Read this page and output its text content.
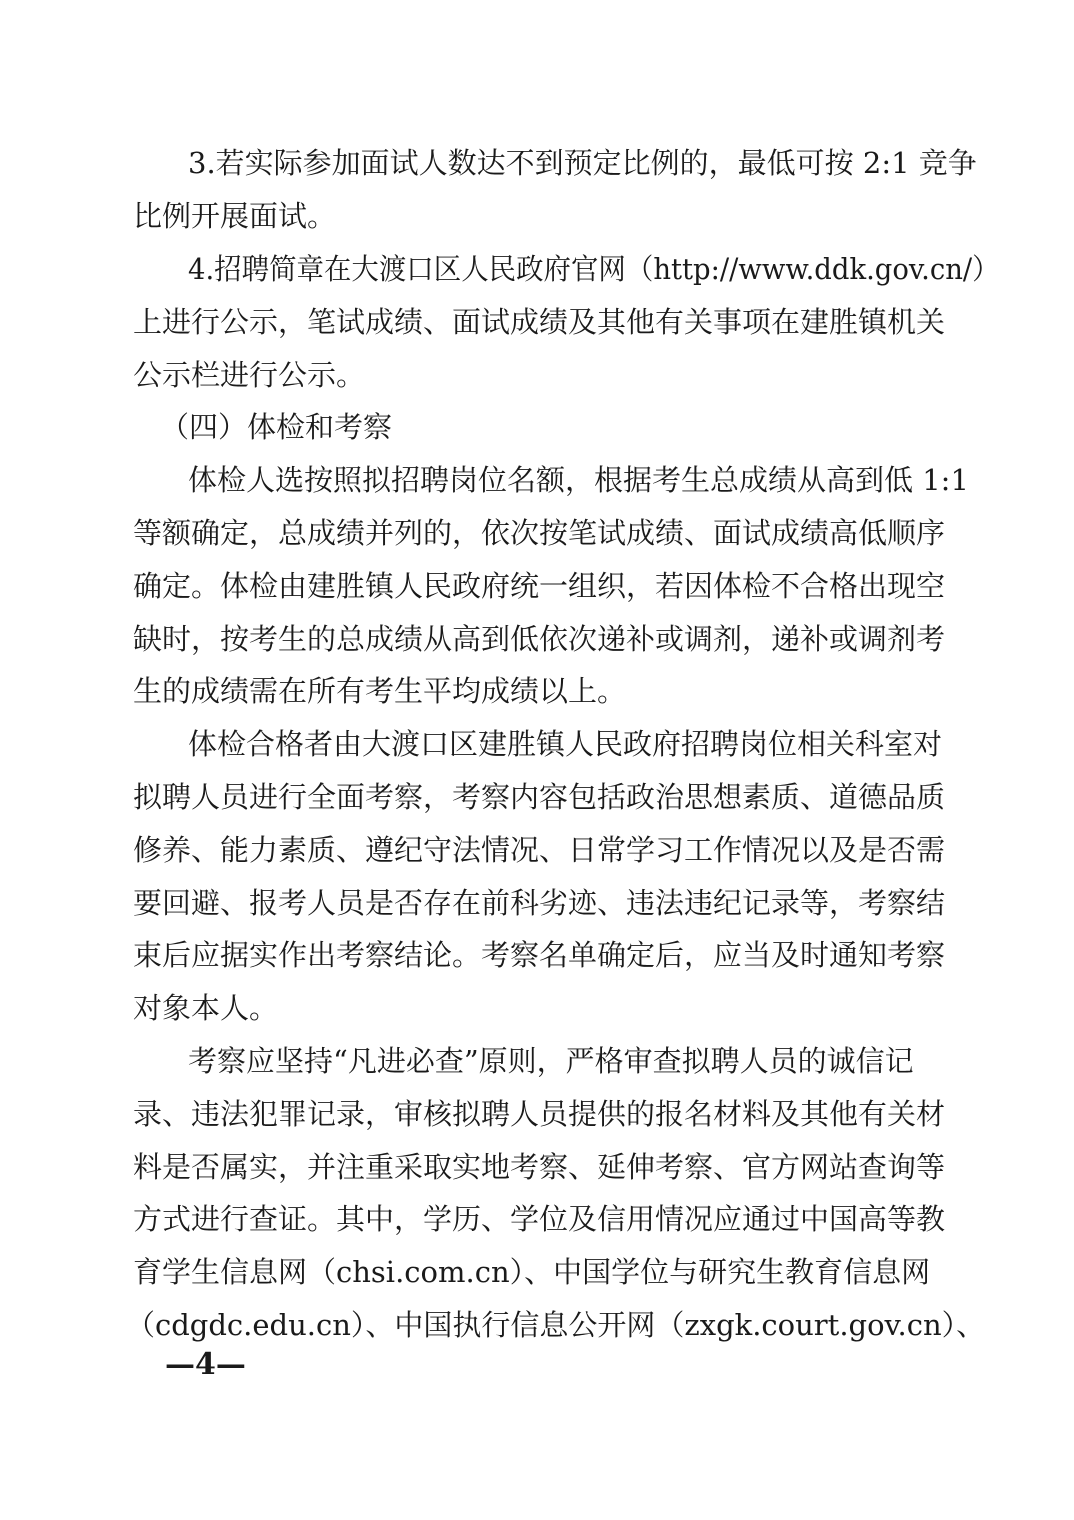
3.若实际参加面试人数达不到预定比例的，最低可按 2:1 竞争

比例开展面试。

4.招聘简章在大渡口区人民政府官网（http://www.ddk.gov.cn/）

上进行公示，笔试成绩、面试成绩及其他有关事项在建胜镇机关

公示栏进行公示。

（四）体检和考察

体检人选按照拟招聘岗位名额，根据考生总成绩从高到低 1:1

等额确定，总成绩并列的，依次按笔试成绩、面试成绩高低顺序

确定。体检由建胜镇人民政府统一组织，若因体检不合格出现空

缺时，按考生的总成绩从高到低依次递补或调剂，递补或调剂考

生的成绩需在所有考生平均成绩以上。

体检合格者由大渡口区建胜镇人民政府招聘岗位相关科室对

拟聘人员进行全面考察，考察内容包括政治思想素质、道德品质

修养、能力素质、遵纪守法情况、日常学习工作情况以及是否需

要回避、报考人员是否存在前科劣迹、违法违纪记录等，考察结

束后应据实作出考察结论。考察名单确定后，应当及时通知考察

对象本人。

考察应坚持“凡进必查”原则，严格审查拟聘人员的诚信记

录、违法犯罪记录，审核拟聘人员提供的报名材料及其他有关材

料是否属实，并注重采取实地考察、延伸考察、官方网站查询等

方式进行查证。其中，学历、学位及信用情况应通过中国高等教

育学生信息网（chsi.com.cn）、中国学位与研究生教育信息网

（cdgdc.edu.cn）、中国执行信息公开网（zxgk.court.gov.cn）、

—4—
